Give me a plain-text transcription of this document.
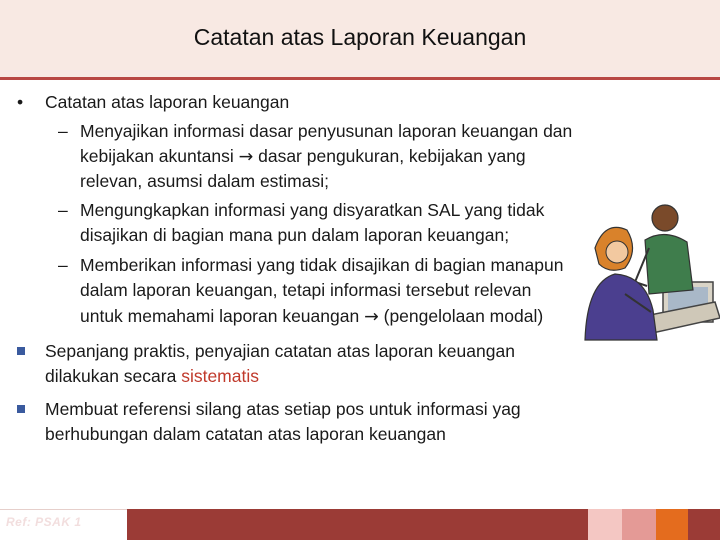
Catatan atas Laporan Keuangan
• Catatan atas laporan keuangan
– Menyajikan informasi dasar penyusunan laporan keuangan dan
kebijakan akuntansi → dasar pengukuran, kebijakan yang
relevan, asumsi dalam estimasi;
– Mengungkapkan informasi yang disyaratkan SAL yang tidak
disajikan di bagian mana pun dalam laporan keuangan;
– Memberikan informasi yang tidak disajikan di bagian manapun
dalam laporan keuangan, tetapi informasi tersebut relevan
untuk memahami laporan keuangan → (pengelolaan modal)
Sepanjang praktis, penyajian catatan atas laporan keuangan
dilakukan secara sistematis
Membuat referensi silang atas setiap pos untuk informasi yag
berhubungan dalam catatan atas laporan keuangan
Ref: PSAK 1
